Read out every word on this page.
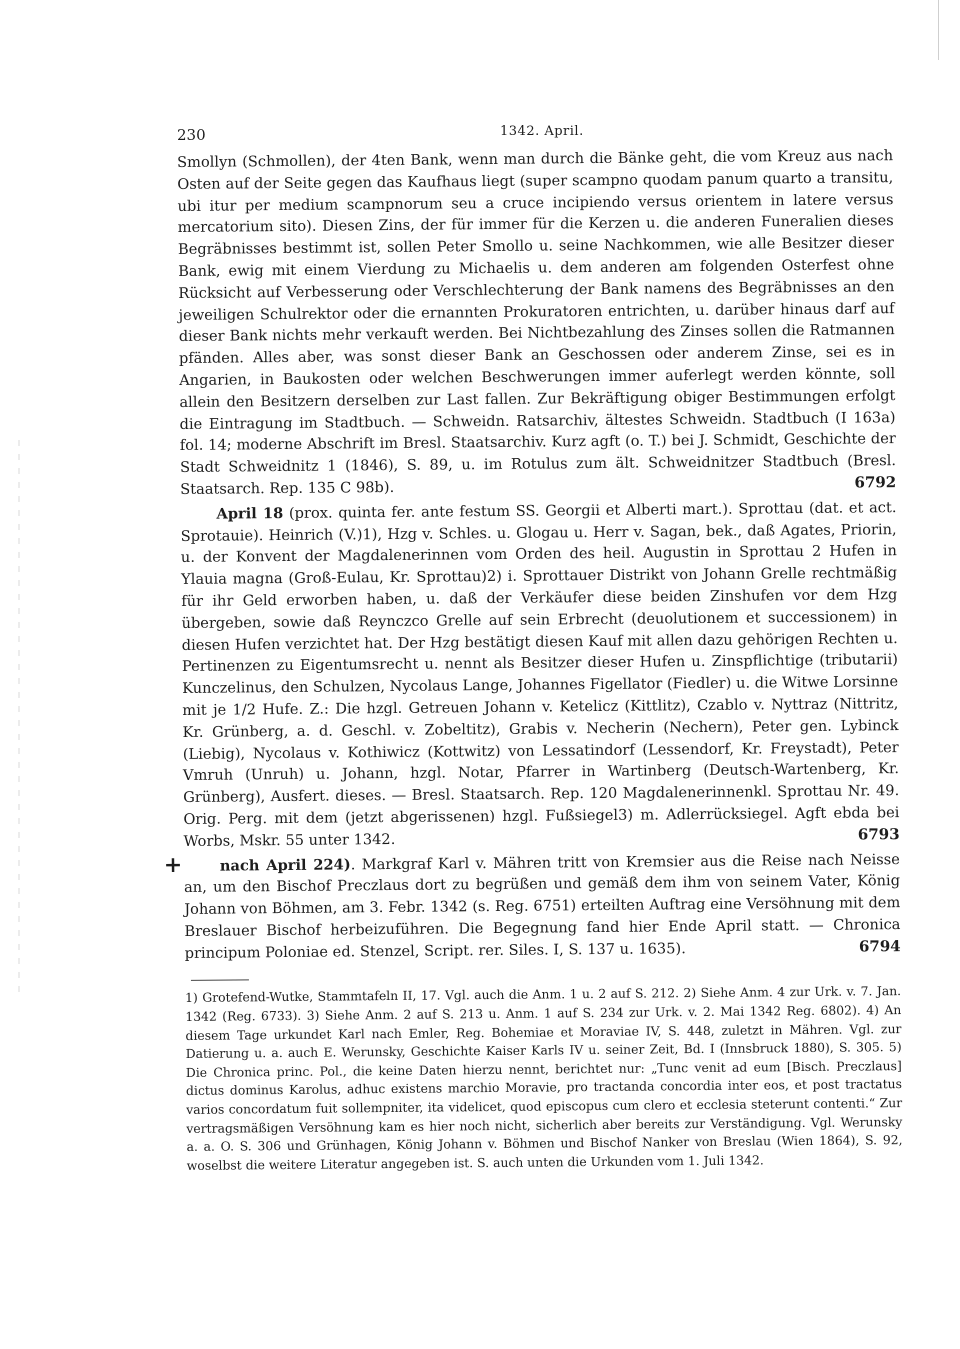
230	1342. April.

Smollyn (Schmollen), der 4ten Bank, wenn man durch die Bänke geht, die vom Kreuz aus nach Osten auf der Seite gegen das Kaufhaus liegt (super scampno quodam panum quarto a transitu, ubi itur per medium scampnorum seu a cruce incipiendo versus orientem in latere versus mercatorium sito). Diesen Zins, der für immer für die Kerzen u. die anderen Funeralien dieses Begräbnisses bestimmt ist, sollen Peter Smollo u. seine Nachkommen, wie alle Besitzer dieser Bank, ewig mit einem Vierdung zu Michaelis u. dem anderen am folgenden Osterfest ohne Rücksicht auf Verbesserung oder Verschlechterung der Bank namens des Begräbnisses an den jeweiligen Schulrektor oder die ernannten Prokuratoren entrichten, u. darüber hinaus darf auf dieser Bank nichts mehr verkauft werden. Bei Nichtbezahlung des Zinses sollen die Ratmannen pfänden. Alles aber, was sonst dieser Bank an Geschossen oder anderem Zinse, sei es in Angarien, in Baukosten oder welchen Beschwerungen immer auferlegt werden könnte, soll allein den Besitzern derselben zur Last fallen. Zur Bekräftigung obiger Bestimmungen erfolgt die Eintragung im Stadtbuch. — Schweidn. Ratsarchiv, ältestes Schweidn. Stadtbuch (I 163a) fol. 14; moderne Abschrift im Bresl. Staatsarchiv. Kurz agft (o. T.) bei J. Schmidt, Geschichte der Stadt Schweidnitz 1 (1846), S. 89, u. im Rotulus zum ält. Schweidnitzer Stadtbuch (Bresl. Staatsarch. Rep. 135 C 98b).	6792

April 18 (prox. quinta fer. ante festum SS. Georgii et Alberti mart.). Sprottau (dat. et act. Sprotauie). Heinrich (V.)1), Hzg v. Schles. u. Glogau u. Herr v. Sagan, bek., daß Agates, Priorin, u. der Konvent der Magdalenerinnen vom Orden des heil. Augustin in Sprottau 2 Hufen in Ylauia magna (Groß-Eulau, Kr. Sprottau)2) i. Sprottauer Distrikt von Johann Grelle rechtmäßig für ihr Geld erworben haben, u. daß der Verkäufer diese beiden Zinshufen vor dem Hzg übergeben, sowie daß Reynczco Grelle auf sein Erbrecht (deuolutionem et successionem) in diesen Hufen verzichtet hat. Der Hzg bestätigt diesen Kauf mit allen dazu gehörigen Rechten u. Pertinenzen zu Eigentumsrecht u. nennt als Besitzer dieser Hufen u. Zinspflichtige (tributarii) Kunczelinus, den Schulzen, Nycolaus Lange, Johannes Figellator (Fiedler) u. die Witwe Lorsinne mit je 1/2 Hufe. Z.: Die hzgl. Getreuen Johann v. Ketelicz (Kittlitz), Czablo v. Nyttraz (Nittritz, Kr. Grünberg, a. d. Geschl. v. Zobeltitz), Grabis v. Necherin (Nechern), Peter gen. Lybinck (Liebig), Nycolaus v. Kothiwicz (Kottwitz) von Lessatindorf (Lessendorf, Kr. Freystadt), Peter Vmruh (Unruh) u. Johann, hzgl. Notar, Pfarrer in Wartinberg (Deutsch-Wartenberg, Kr. Grünberg), Ausfert. dieses. — Bresl. Staatsarch. Rep. 120 Magdalenerinnenkl. Sprottau Nr. 49. Orig. Perg. mit dem (jetzt abgerissenen) hzgl. Fußsiegel3) m. Adlerrücksiegel. Agft ebda bei Worbs, Mskr. 55 unter 1342.	6793

+	nach April 224). Markgraf Karl v. Mähren tritt von Kremsier aus die Reise nach Neisse an, um den Bischof Preczlaus dort zu begrüßen und gemäß dem ihm von seinem Vater, König Johann von Böhmen, am 3. Febr. 1342 (s. Reg. 6751) erteilten Auftrag eine Versöhnung mit dem Breslauer Bischof herbeizuführen. Die Begegnung fand hier Ende April statt. — Chronica principum Poloniae ed. Stenzel, Script. rer. Siles. I, S. 137 u. 1635).	6794

1) Grotefend-Wutke, Stammtafeln II, 17. Vgl. auch die Anm. 1 u. 2 auf S. 212. 2) Siehe Anm. 4 zur Urk. v. 7. Jan. 1342 (Reg. 6733). 3) Siehe Anm. 2 auf S. 213 u. Anm. 1 auf S. 234 zur Urk. v. 2. Mai 1342 Reg. 6802). 4) An diesem Tage urkundet Karl nach Emler, Reg. Bohemiae et Moraviae IV, S. 448, zuletzt in Mähren. Vgl. zur Datierung u. a. auch E. Werunsky, Geschichte Kaiser Karls IV u. seiner Zeit, Bd. I (Innsbruck 1880), S. 305. 5) Die Chronica princ. Pol., die keine Daten hierzu nennt, berichtet nur: „Tunc venit ad eum [Bisch. Preczlaus] dictus dominus Karolus, adhuc existens marchio Moravie, pro tractanda concordia inter eos, et post tractatus varios concordatum fuit sollempniter, ita videlicet, quod episcopus cum clero et ecclesia steterunt contenti.“ Zur vertragsmäßigen Versöhnung kam es hier noch nicht, sicherlich aber bereits zur Verständigung. Vgl. Werunsky a. a. O. S. 306 und Grünhagen, König Johann v. Böhmen und Bischof Nanker von Breslau (Wien 1864), S. 92, woselbst die weitere Literatur angegeben ist. S. auch unten die Urkunden vom 1. Juli 1342.
